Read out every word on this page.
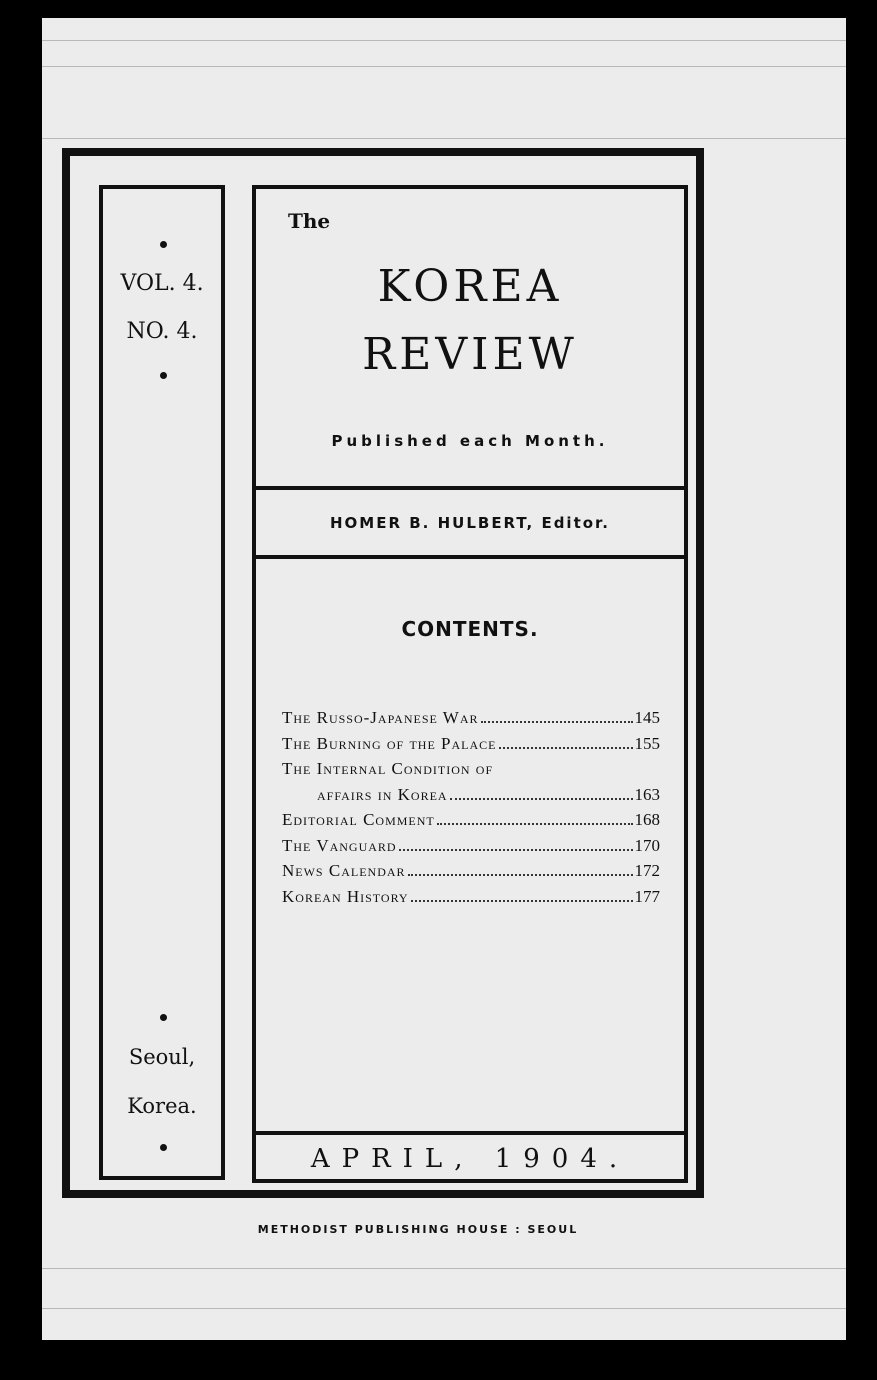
VOL. 4.
NO. 4.
Seoul,
Korea.
The
KOREA
REVIEW
Published each Month.
HOMER B. HULBERT, Editor.
CONTENTS.
The Russo-Japanese War	145
The Burning of the Palace	155
The Internal Condition of
affairs in Korea	163
Editorial Comment	168
The Vanguard	170
News Calendar	172
Korean History	177
APRIL, 1904.
METHODIST PUBLISHING HOUSE : SEOUL
